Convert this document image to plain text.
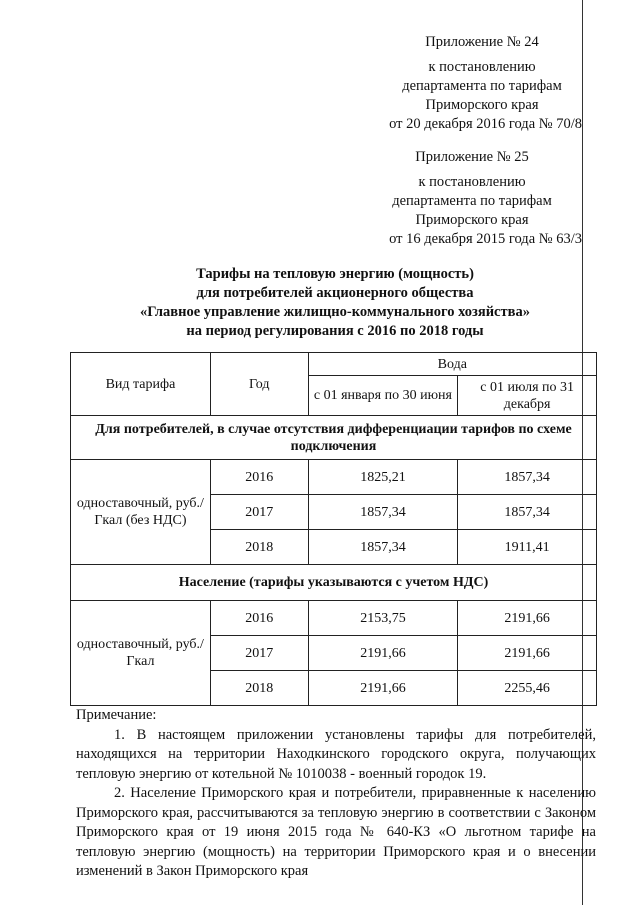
Приложение № 24
к постановлению
департамента по тарифам
Приморского края
от 20 декабря 2016 года № 70/8
Приложение № 25
к постановлению
департамента по тарифам
Приморского края
от 16 декабря 2015 года № 63/3
Тарифы на тепловую энергию (мощность)
для потребителей акционерного общества
«Главное управление жилищно-коммунального хозяйства»
на период регулирования с 2016 по 2018 годы
Вид тарифа	Год	Вода	
		с 01 января по 30 июня	с 01 июля по 31 декабря
Для потребителей, в случае отсутствия дифференциации тарифов по схеме подключения			
одноставочный, руб./Гкал (без НДС)	2016	1825,21	1857,34
	2017	1857,34	1857,34
	2018	1857,34	1911,41
Население (тарифы указываются с учетом НДС)			
одноставочный, руб./Гкал	2016	2153,75	2191,66
	2017	2191,66	2191,66
	2018	2191,66	2255,46

Примечание:

1. В настоящем приложении установлены тарифы для потребителей, находящихся на территории Находкинского городского округа, получающих тепловую энергию от котельной № 1010038 - военный городок 19.

2. Население Приморского края и потребители, приравненные к населению Приморского края, рассчитываются за тепловую энергию в соответствии с Законом Приморского края от 19 июня 2015 года № 640-КЗ «О льготном тарифе на тепловую энергию (мощность) на территории Приморского края и о внесении изменений в Закон Приморского края
